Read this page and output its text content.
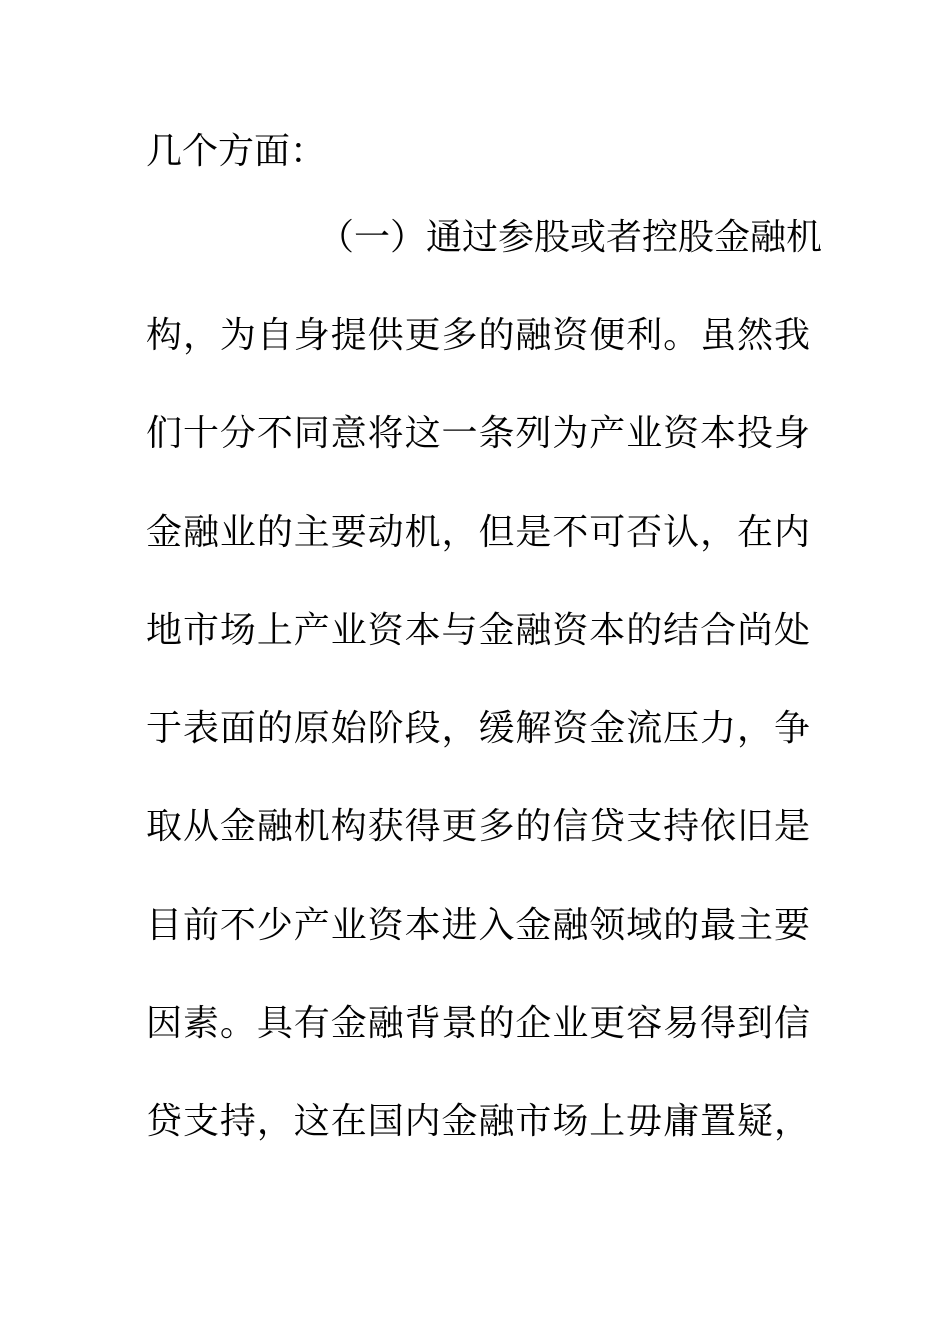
几个方面：
（一）通过参股或者控股金融机
构，为自身提供更多的融资便利。虽然我
们十分不同意将这一条列为产业资本投身
金融业的主要动机，但是不可否认，在内
地市场上产业资本与金融资本的结合尚处
于表面的原始阶段，缓解资金流压力，争
取从金融机构获得更多的信贷支持依旧是
目前不少产业资本进入金融领域的最主要
因素。具有金融背景的企业更容易得到信
贷支持，这在国内金融市场上毋庸置疑，
